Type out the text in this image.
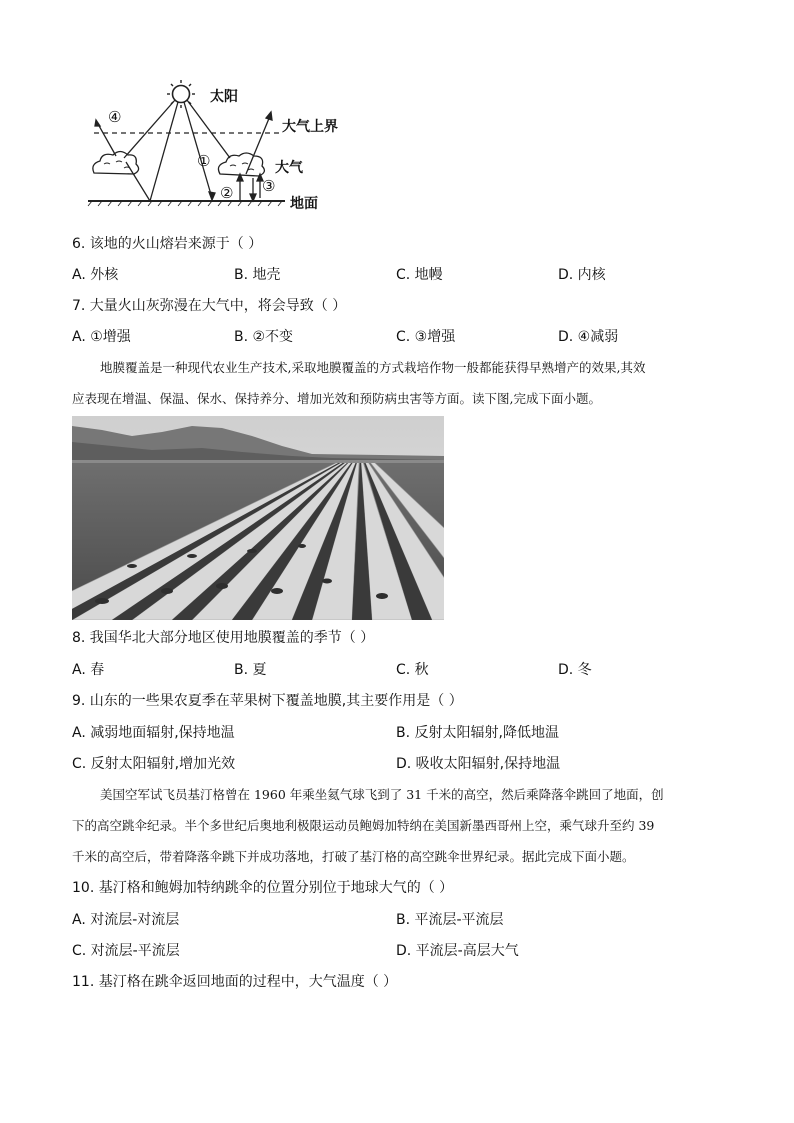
太阳
大气上界
大气
地面
④
①
② ③
6. 该地的火山熔岩来源于（ ）
A. 外核	B. 地壳	C. 地幔	D. 内核
7. 大量火山灰弥漫在大气中，将会导致（ ）
A. ①增强	B. ②不变	C. ③增强	D. ④减弱
地膜覆盖是一种现代农业生产技术,采取地膜覆盖的方式栽培作物一般都能获得早熟增产的效果,其效
应表现在增温、保温、保水、保持养分、增加光效和预防病虫害等方面。读下图,完成下面小题。
8. 我国华北大部分地区使用地膜覆盖的季节（ ）
A. 春	B. 夏	C. 秋	D. 冬
9. 山东的一些果农夏季在苹果树下覆盖地膜,其主要作用是（ ）
A. 减弱地面辐射,保持地温	B. 反射太阳辐射,降低地温
C. 反射太阳辐射,增加光效	D. 吸收太阳辐射,保持地温
美国空军试飞员基汀格曾在 1960 年乘坐氦气球飞到了 31 千米的高空，然后乘降落伞跳回了地面，创
下的高空跳伞纪录。半个多世纪后奥地利极限运动员鲍姆加特纳在美国新墨西哥州上空，乘气球升至约 39
千米的高空后，带着降落伞跳下并成功落地，打破了基汀格的高空跳伞世界纪录。据此完成下面小题。
10. 基汀格和鲍姆加特纳跳伞的位置分别位于地球大气的（ ）
A. 对流层-对流层	B. 平流层-平流层
C. 对流层-平流层	D. 平流层-高层大气
11. 基汀格在跳伞返回地面的过程中，大气温度（ ）
